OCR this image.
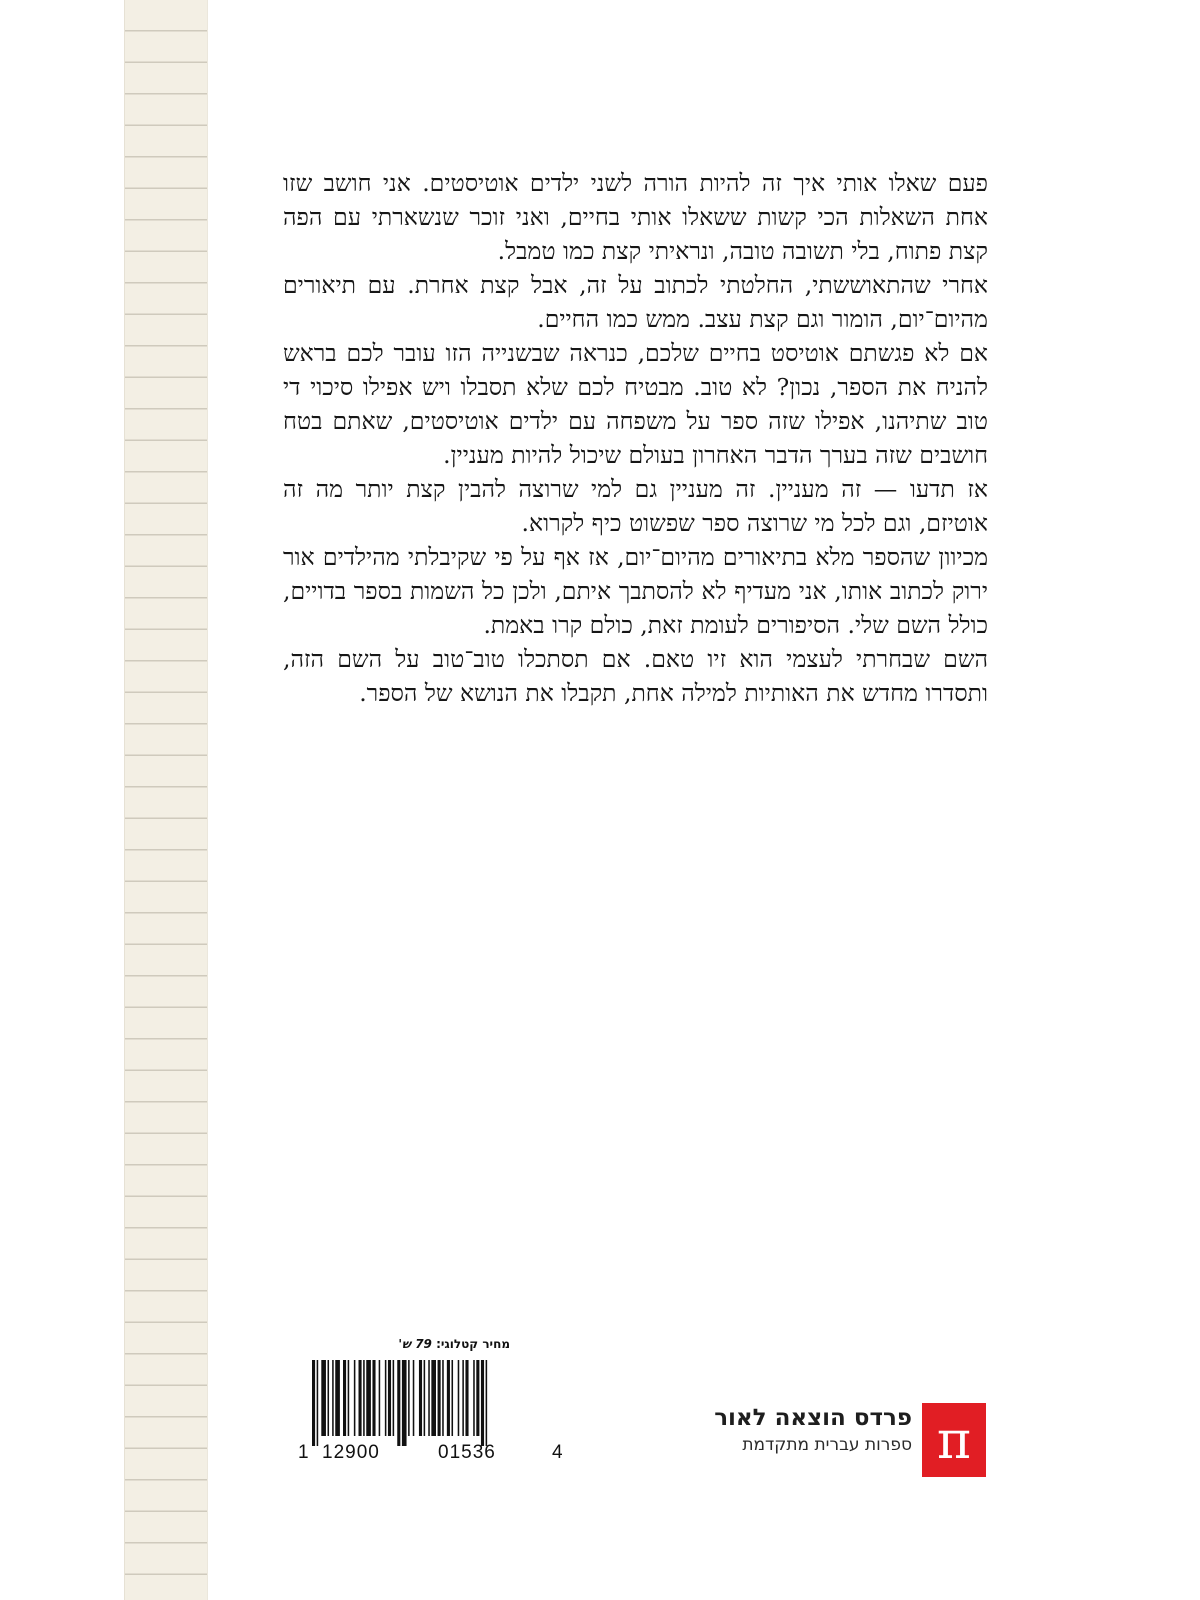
פעם שאלו אותי איך זה להיות הורה לשני ילדים אוטיסטים. אני חושב שזו אחת השאלות הכי קשות ששאלו אותי בחיים, ואני זוכר שנשארתי עם הפה קצת פתוח, בלי תשובה טובה, ונראיתי קצת כמו טמבל.

אחרי שהתאוששתי, החלטתי לכתוב על זה, אבל קצת אחרת. עם תיאורים מהיום־יום, הומור וגם קצת עצב. ממש כמו החיים.

אם לא פגשתם אוטיסט בחיים שלכם, כנראה שבשנייה הזו עובר לכם בראש להניח את הספר, נכון? לא טוב. מבטיח לכם שלא תסבלו ויש אפילו סיכוי די טוב שתיהנו, אפילו שזה ספר על משפחה עם ילדים אוטיסטים, שאתם בטח חושבים שזה בערך הדבר האחרון בעולם שיכול להיות מעניין.

אז תדעו — זה מעניין. זה מעניין גם למי שרוצה להבין קצת יותר מה זה אוטיזם, וגם לכל מי שרוצה ספר שפשוט כיף לקרוא.

מכיוון שהספר מלא בתיאורים מהיום־יום, אז אף על פי שקיבלתי מהילדים אור ירוק לכתוב אותו, אני מעדיף לא להסתבך איתם, ולכן כל השמות בספר בדויים, כולל השם שלי. הסיפורים לעומת זאת, כולם קרו באמת.

השם שבחרתי לעצמי הוא זיו טאם. אם תסתכלו טוב־טוב על השם הזה, ותסדרו מחדש את האותיות למילה אחת, תקבלו את הנושא של הספר.

מחיר קטלוגי: 79 ש'
1 12900	01536	4
פרדס הוצאה לאור
ספרות עברית מתקדמת π
